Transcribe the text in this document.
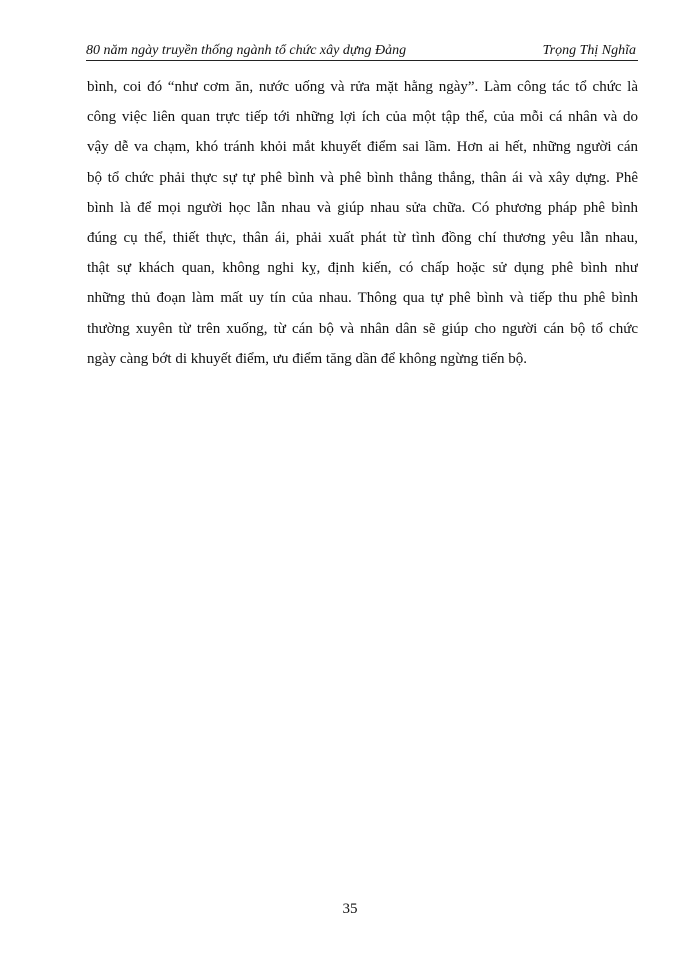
80 năm ngày truyền thống ngành tổ chức xây dựng Đảng	Trọng Thị Nghĩa
bình, coi đó “như cơm ăn, nước uống và rửa mặt hằng ngày”. Làm công tác tổ chức là
công việc liên quan trực tiếp tới những lợi ích của một tập thể, của mỗi cá nhân và do
vậy dễ va chạm, khó tránh khỏi mắt khuyết điểm sai lầm. Hơn ai hết, những người cán
bộ tổ chức phải thực sự tự phê bình và phê bình thẳng thắng, thân ái và xây dựng. Phê
bình là để mọi người học lẫn nhau và giúp nhau sửa chữa. Có phương pháp phê bình
đúng cụ thể, thiết thực, thân ái, phải xuất phát từ tình đồng chí thương yêu lẫn nhau,
thật sự khách quan, không nghi kỵ, định kiến, có chấp hoặc sử dụng phê bình như
những thủ đoạn làm mất uy tín của nhau. Thông qua tự phê bình và tiếp thu phê bình
thường xuyên từ trên xuống, từ cán bộ và nhân dân sẽ giúp cho người cán bộ tổ chức
ngày càng bớt di khuyết điểm, ưu điểm tăng dần để không ngừng tiến bộ.
35
